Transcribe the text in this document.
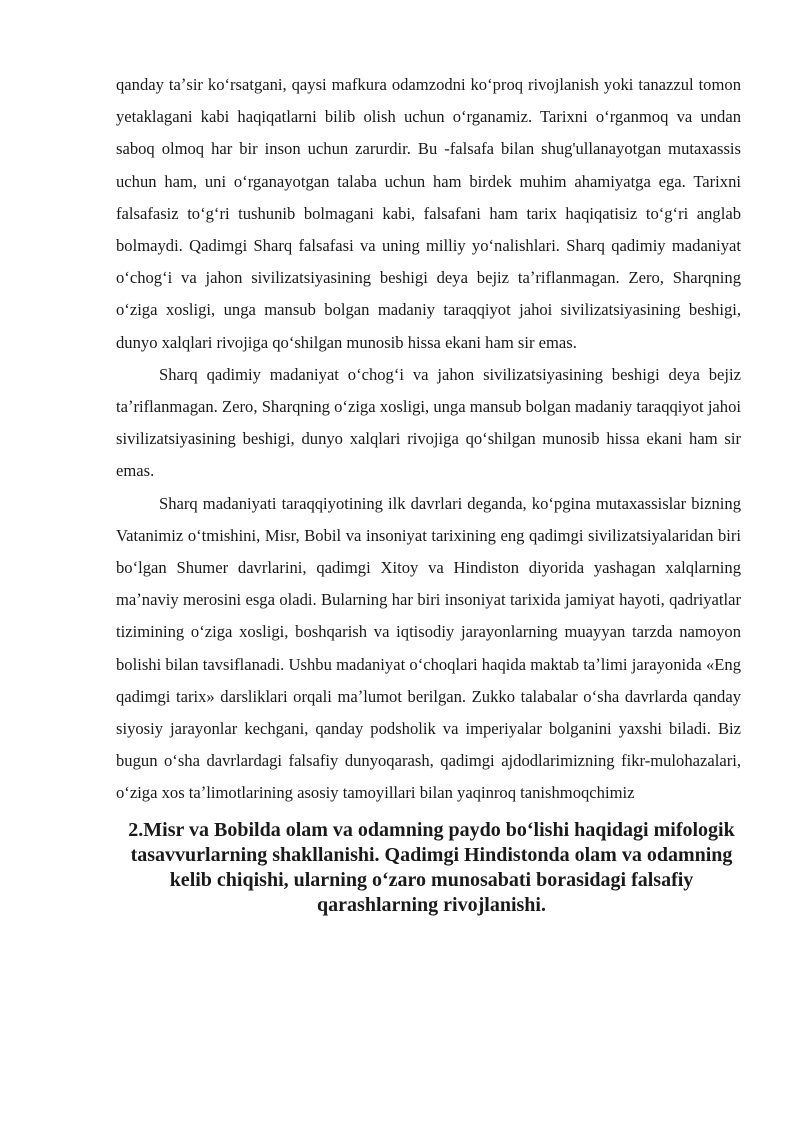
qanday taʼsir koʻrsatgani, qaysi mafkura odamzodni koʻproq rivojlanish yoki tanazzul tomon yetaklagani kabi haqiqatlarni bilib olish uchun oʻrganamiz. Tarixni oʻrganmoq va undan saboq olmoq har bir inson uchun zarurdir. Bu -falsafa bilan shug'ullanayotgan mutaxassis uchun ham, uni oʻrganayotgan talaba uchun ham birdek muhim ahamiyatga ega. Tarixni falsafasiz toʻgʻri tushunib bolmagani kabi, falsafani ham tarix haqiqatisiz toʻgʻri anglab bolmaydi. Qadimgi Sharq falsafasi va uning milliy yoʻnalishlari. Sharq qadimiy madaniyat oʻchogʻi va jahon sivilizatsiyasining beshigi deya bejiz taʼriflanmagan. Zero, Sharqning oʻziga xosligi, unga mansub bolgan madaniy taraqqiyot jahoi sivilizatsiyasining beshigi, dunyo xalqlari rivojiga qoʻshilgan munosib hissa ekani ham sir emas.

Sharq qadimiy madaniyat oʻchogʻi va jahon sivilizatsiyasining beshigi deya bejiz taʼriflanmagan. Zero, Sharqning oʻziga xosligi, unga mansub bolgan madaniy taraqqiyot jahoi sivilizatsiyasining beshigi, dunyo xalqlari rivojiga qoʻshilgan munosib hissa ekani ham sir emas.

Sharq madaniyati taraqqiyotining ilk davrlari deganda, koʻpgina mutaxassislar bizning Vatanimiz oʻtmishini, Misr, Bobil va insoniyat tarixining eng qadimgi sivilizatsiyalaridan biri boʻlgan Shumer davrlarini, qadimgi Xitoy va Hindiston diyorida yashagan xalqlarning maʼnaviy merosini esga oladi. Bularning har biri insoniyat tarixida jamiyat hayoti, qadriyatlar tizimining oʻziga xosligi, boshqarish va iqtisodiy jarayonlarning muayyan tarzda namoyon bolishi bilan tavsiflanadi. Ushbu madaniyat oʻchoqlari haqida maktab taʼlimi jarayonida «Eng qadimgi tarix» darsliklari orqali maʼlumot berilgan. Zukko talabalar oʻsha davrlarda qanday siyosiy jarayonlar kechgani, qanday podsholik va imperiyalar bolganini yaxshi biladi. Biz bugun oʻsha davrlardagi falsafiy dunyoqarash, qadimgi ajdodlarimizning fikr-mulohazalari, oʻziga xos taʼlimotlarining asosiy tamoyillari bilan yaqinroq tanishmoqchimiz

2.Misr va Bobilda olam va odamning paydo boʻlishi haqidagi mifologik tasavvurlarning shakllanishi. Qadimgi Hindistonda olam va odamning kelib chiqishi, ularning oʻzaro munosabati borasidagi falsafiy qarashlarning rivojlanishi.
